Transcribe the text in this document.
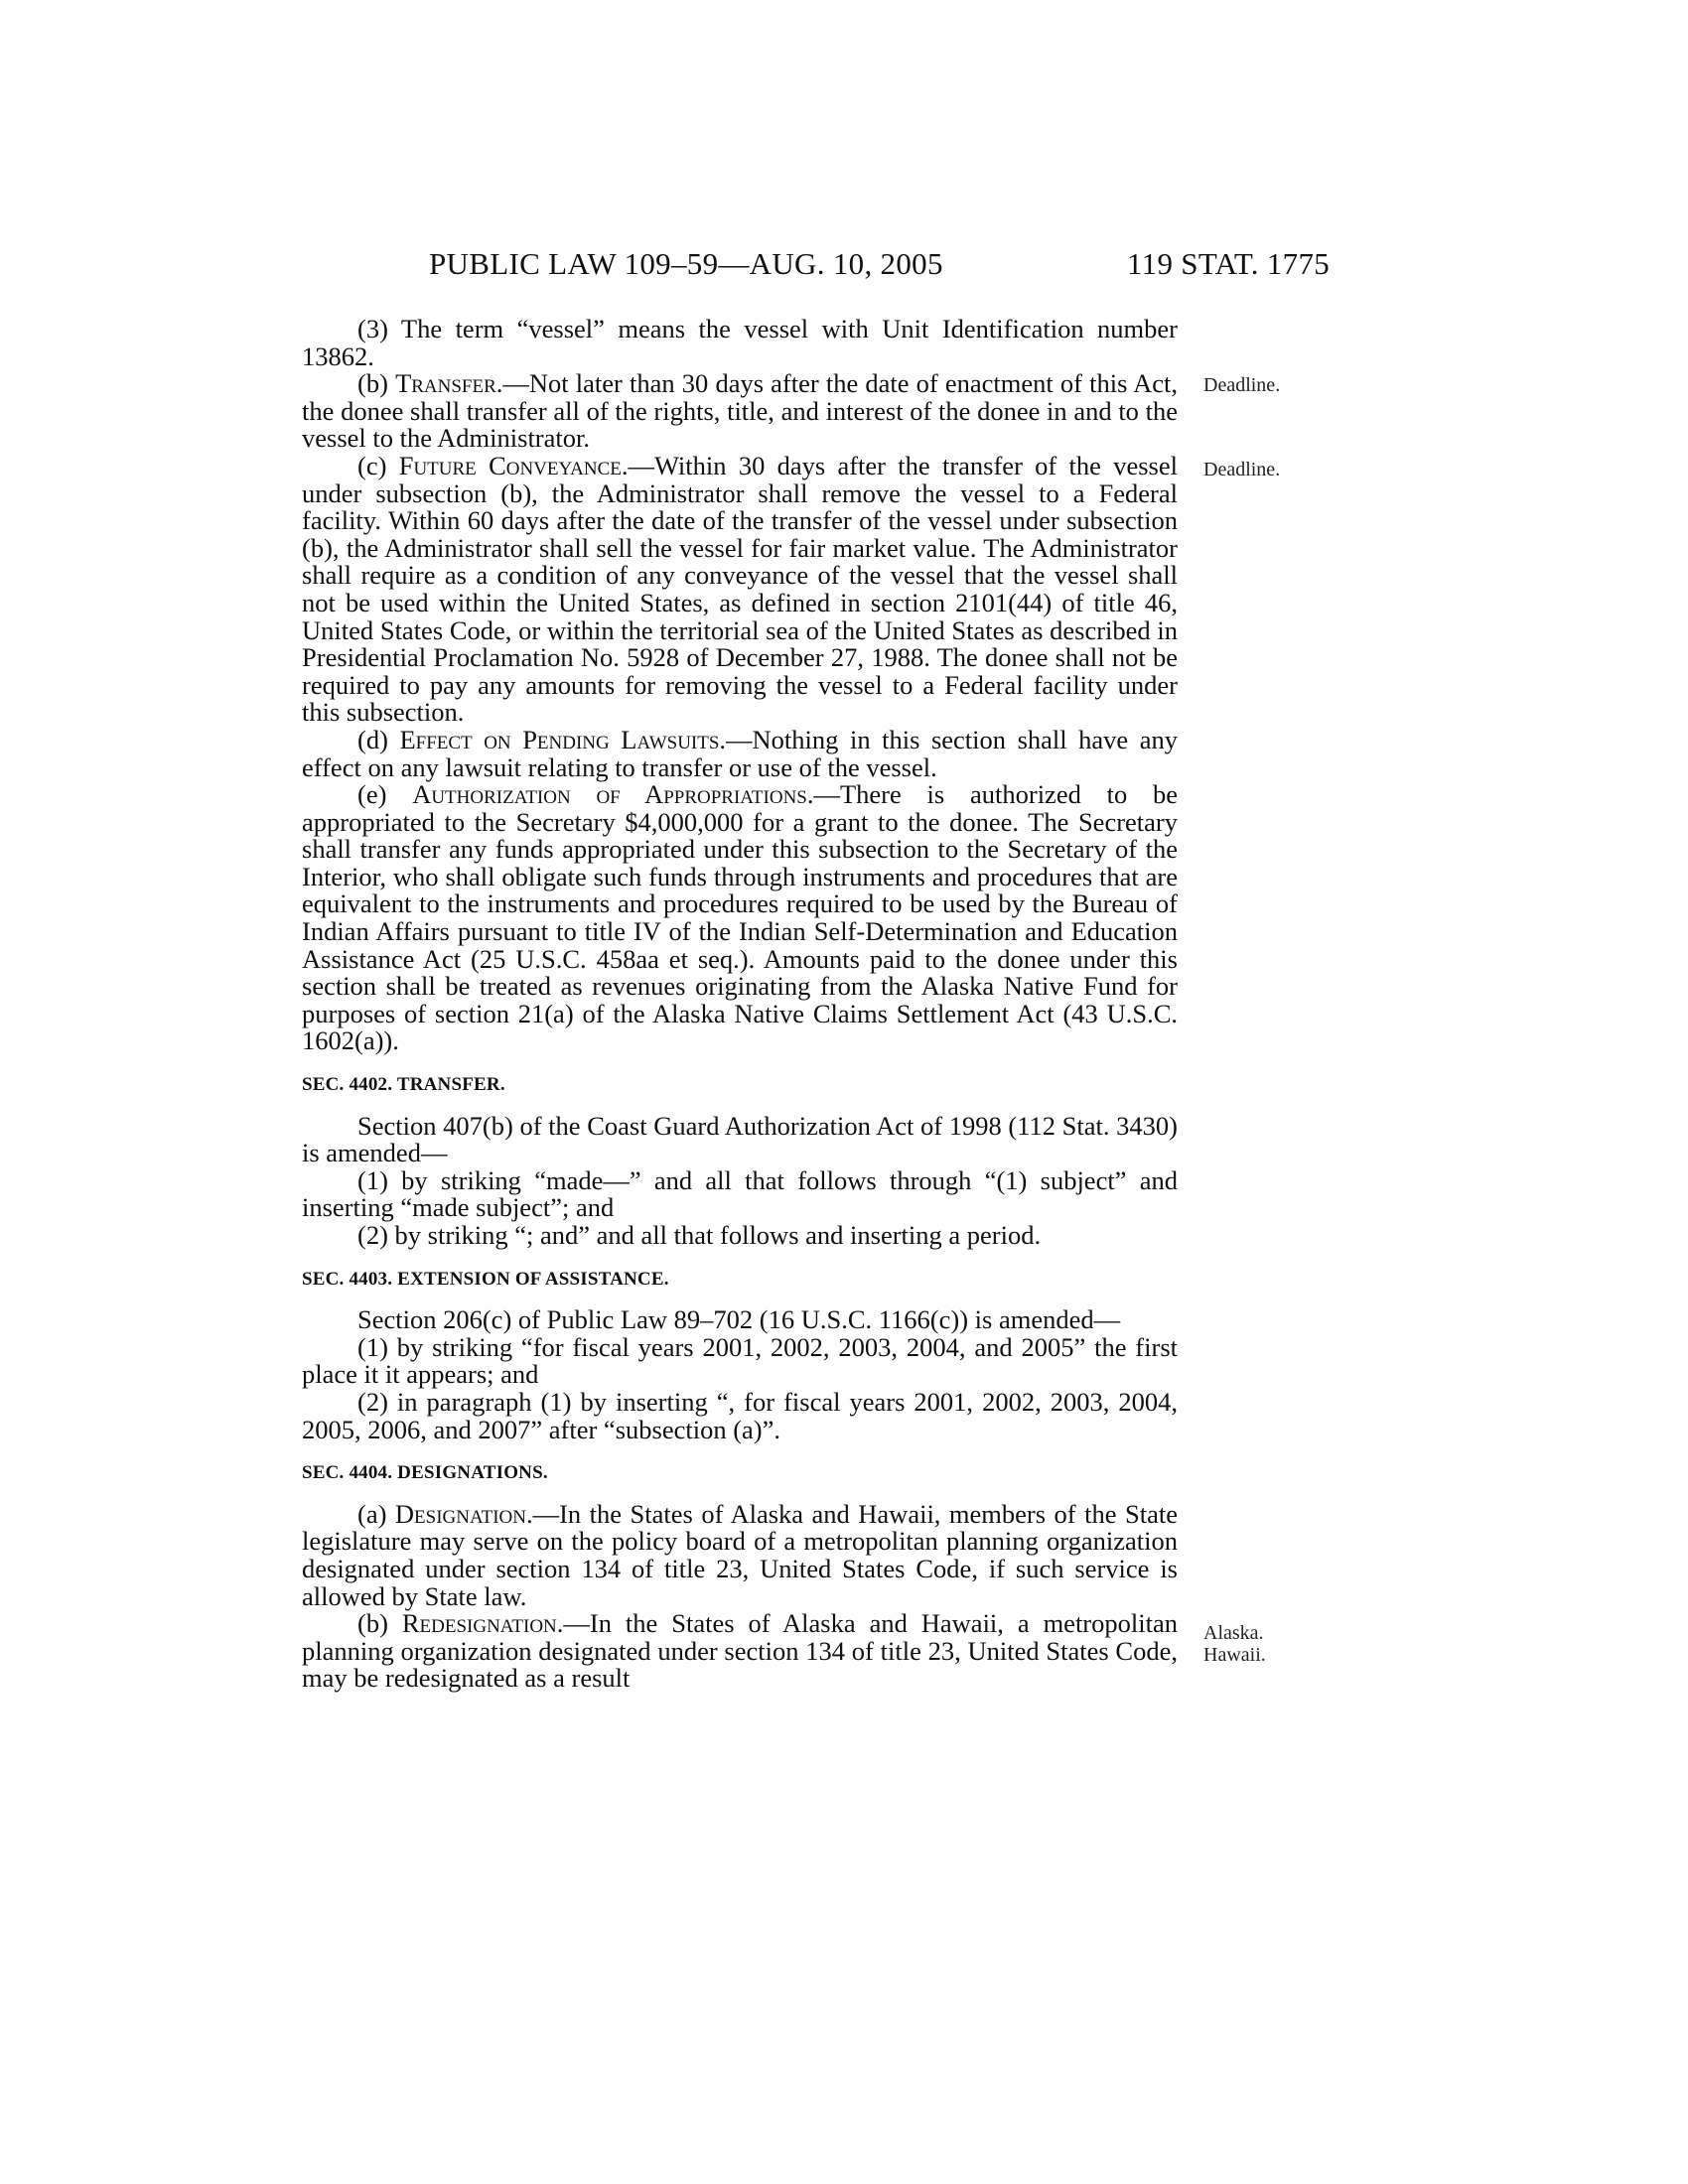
PUBLIC LAW 109–59—AUG. 10, 2005	119 STAT. 1775
Deadline.
Deadline.
Alaska.
Hawaii.

(3) The term “vessel” means the vessel with Unit Identification number 13862.

(b) Transfer.—Not later than 30 days after the date of enactment of this Act, the donee shall transfer all of the rights, title, and interest of the donee in and to the vessel to the Administrator.

(c) Future Conveyance.—Within 30 days after the transfer of the vessel under subsection (b), the Administrator shall remove the vessel to a Federal facility. Within 60 days after the date of the transfer of the vessel under subsection (b), the Administrator shall sell the vessel for fair market value. The Administrator shall require as a condition of any conveyance of the vessel that the vessel shall not be used within the United States, as defined in section 2101(44) of title 46, United States Code, or within the territorial sea of the United States as described in Presidential Proclamation No. 5928 of December 27, 1988. The donee shall not be required to pay any amounts for removing the vessel to a Federal facility under this subsection.

(d) Effect on Pending Lawsuits.—Nothing in this section shall have any effect on any lawsuit relating to transfer or use of the vessel.

(e) Authorization of Appropriations.—There is authorized to be appropriated to the Secretary $4,000,000 for a grant to the donee. The Secretary shall transfer any funds appropriated under this subsection to the Secretary of the Interior, who shall obligate such funds through instruments and procedures that are equivalent to the instruments and procedures required to be used by the Bureau of Indian Affairs pursuant to title IV of the Indian Self-Determination and Education Assistance Act (25 U.S.C. 458aa et seq.). Amounts paid to the donee under this section shall be treated as revenues originating from the Alaska Native Fund for purposes of section 21(a) of the Alaska Native Claims Settlement Act (43 U.S.C. 1602(a)).

SEC. 4402. TRANSFER.

Section 407(b) of the Coast Guard Authorization Act of 1998 (112 Stat. 3430) is amended—

(1) by striking “made—” and all that follows through “(1) subject” and inserting “made subject”; and

(2) by striking “; and” and all that follows and inserting a period.

SEC. 4403. EXTENSION OF ASSISTANCE.

Section 206(c) of Public Law 89–702 (16 U.S.C. 1166(c)) is amended—

(1) by striking “for fiscal years 2001, 2002, 2003, 2004, and 2005” the first place it it appears; and

(2) in paragraph (1) by inserting “, for fiscal years 2001, 2002, 2003, 2004, 2005, 2006, and 2007” after “subsection (a)”.

SEC. 4404. DESIGNATIONS.

(a) Designation.—In the States of Alaska and Hawaii, members of the State legislature may serve on the policy board of a metropolitan planning organization designated under section 134 of title 23, United States Code, if such service is allowed by State law.

(b) Redesignation.—In the States of Alaska and Hawaii, a metropolitan planning organization designated under section 134 of title 23, United States Code, may be redesignated as a result
